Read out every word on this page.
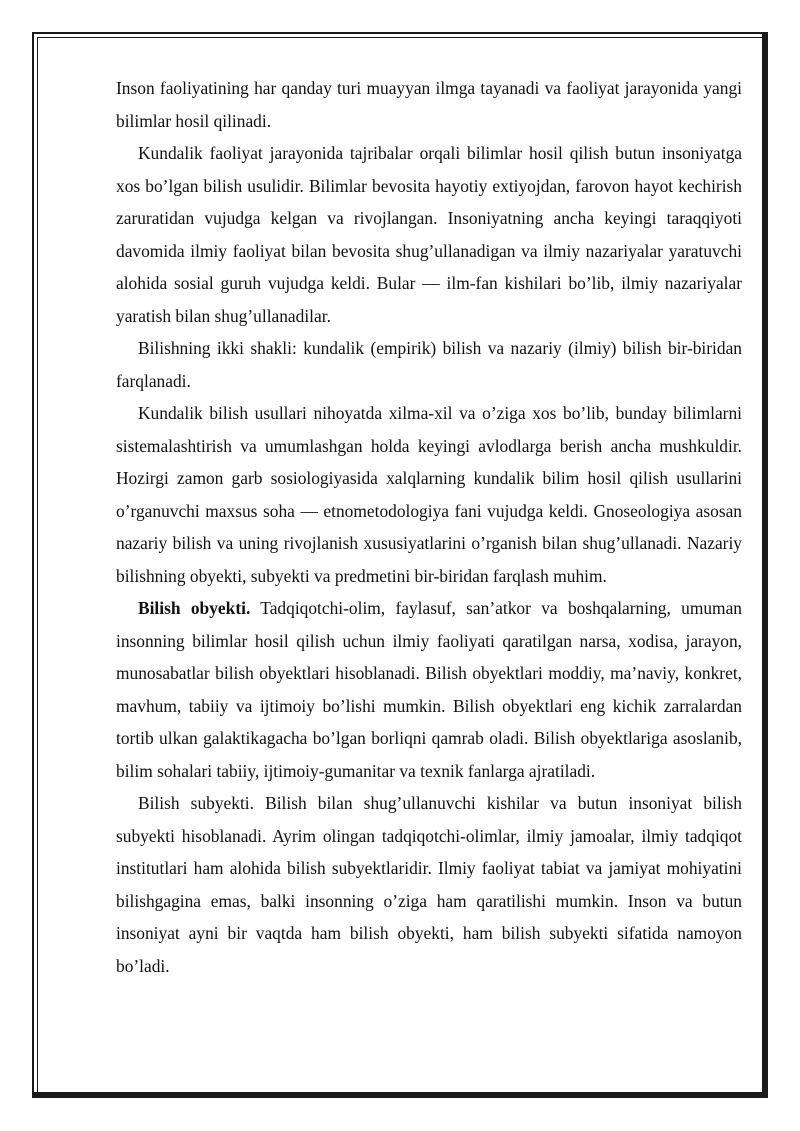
Inson faoliyatining har qanday turi muayyan ilmga tayanadi va faoliyat jarayonida yangi bilimlar hosil qilinadi.

Kundalik faoliyat jarayonida tajribalar orqali bilimlar hosil qilish butun insoniyatga xos bo’lgan bilish usulidir. Bilimlar bevosita hayotiy extiyojdan, farovon hayot kechirish zaruratidan vujudga kelgan va rivojlangan. Insoniyatning ancha keyingi taraqqiyoti davomida ilmiy faoliyat bilan bevosita shug’ullanadigan va ilmiy nazariyalar yaratuvchi alohida sosial guruh vujudga keldi. Bular — ilm-fan kishilari bo’lib, ilmiy nazariyalar yaratish bilan shug’ullanadilar.

Bilishning ikki shakli: kundalik (empirik) bilish va nazariy (ilmiy) bilish bir-biridan farqlanadi.

Kundalik bilish usullari nihoyatda xilma-xil va o’ziga xos bo’lib, bunday bilimlarni sistemalashtirish va umumlashgan holda keyingi avlodlarga berish ancha mushkuldir. Hozirgi zamon garb sosiologiyasida xalqlarning kundalik bilim hosil qilish usullarini o’rganuvchi maxsus soha — etnometodologiya fani vujudga keldi. Gnoseologiya asosan nazariy bilish va uning rivojlanish xususiyatlarini o’rganish bilan shug’ullanadi. Nazariy bilishning obyekti, subyekti va predmetini bir-biridan farqlash muhim.

Bilish obyekti. Tadqiqotchi-olim, faylasuf, san’atkor va boshqalarning, umuman insonning bilimlar hosil qilish uchun ilmiy faoliyati qaratilgan narsa, xodisa, jarayon, munosabatlar bilish obyektlari hisoblanadi. Bilish obyektlari moddiy, ma’naviy, konkret, mavhum, tabiiy va ijtimoiy bo’lishi mumkin. Bilish obyektlari eng kichik zarralardan tortib ulkan galaktikagacha bo’lgan borliqni qamrab oladi. Bilish obyektlariga asoslanib, bilim sohalari tabiiy, ijtimoiy-gumanitar va texnik fanlarga ajratiladi.

Bilish subyekti. Bilish bilan shug’ullanuvchi kishilar va butun insoniyat bilish subyekti hisoblanadi. Ayrim olingan tadqiqotchi-olimlar, ilmiy jamoalar, ilmiy tadqiqot institutlari ham alohida bilish subyektlaridir. Ilmiy faoliyat tabiat va jamiyat mohiyatini bilishgagina emas, balki insonning o’ziga ham qaratilishi mumkin. Inson va butun insoniyat ayni bir vaqtda ham bilish obyekti, ham bilish subyekti sifatida namoyon bo’ladi.
